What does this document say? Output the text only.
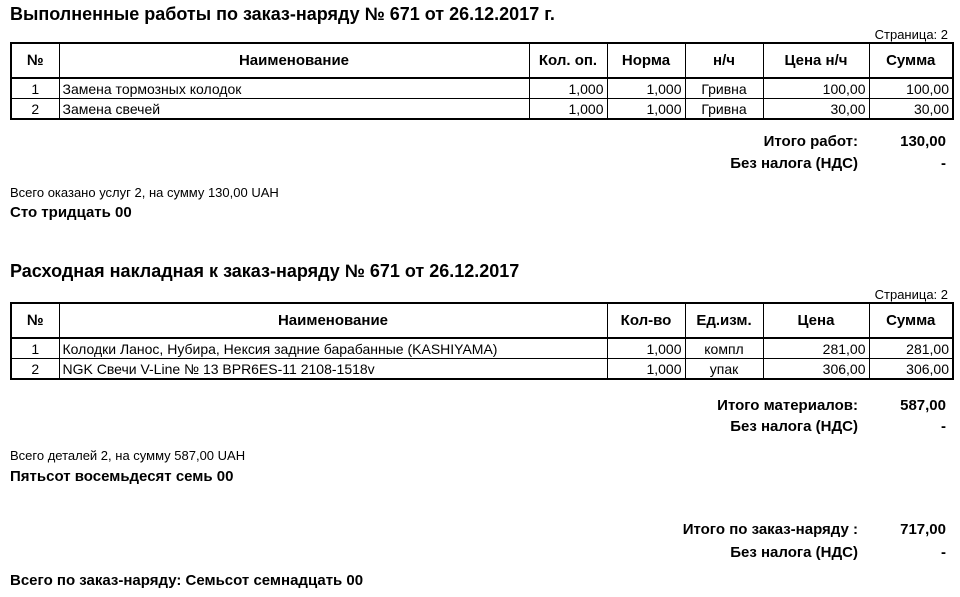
Выполненные работы по заказ-наряду № 671 от 26.12.2017 г.
Страница: 2
№	Наименование	Кол. оп.	Норма	н/ч	Цена н/ч	Сумма
1	Замена тормозных колодок	1,000	1,000	Гривна	100,00	100,00
2	Замена свечей	1,000	1,000	Гривна	30,00	30,00
Итого работ:	130,00
Без налога (НДС)	-
Всего оказано услуг 2, на сумму 130,00 UAH
Сто тридцать 00
Расходная накладная к заказ-наряду № 671 от 26.12.2017
Страница: 2
№	Наименование	Кол-во	Ед.изм.	Цена	Сумма
1	Колодки Ланос, Нубира, Нексия задние барабанные (KASHIYAMA)	1,000	компл	281,00	281,00
2	NGK Свечи V-Line № 13 BPR6ES-11 2108-1518v	1,000	упак	306,00	306,00
Итого материалов:	587,00
Без налога (НДС)	-
Всего деталей 2, на сумму 587,00 UAH
Пятьсот восемьдесят семь 00
Итого по заказ-наряду :	717,00
Без налога (НДС)	-
Всего по заказ-наряду: Семьсот семнадцать 00
